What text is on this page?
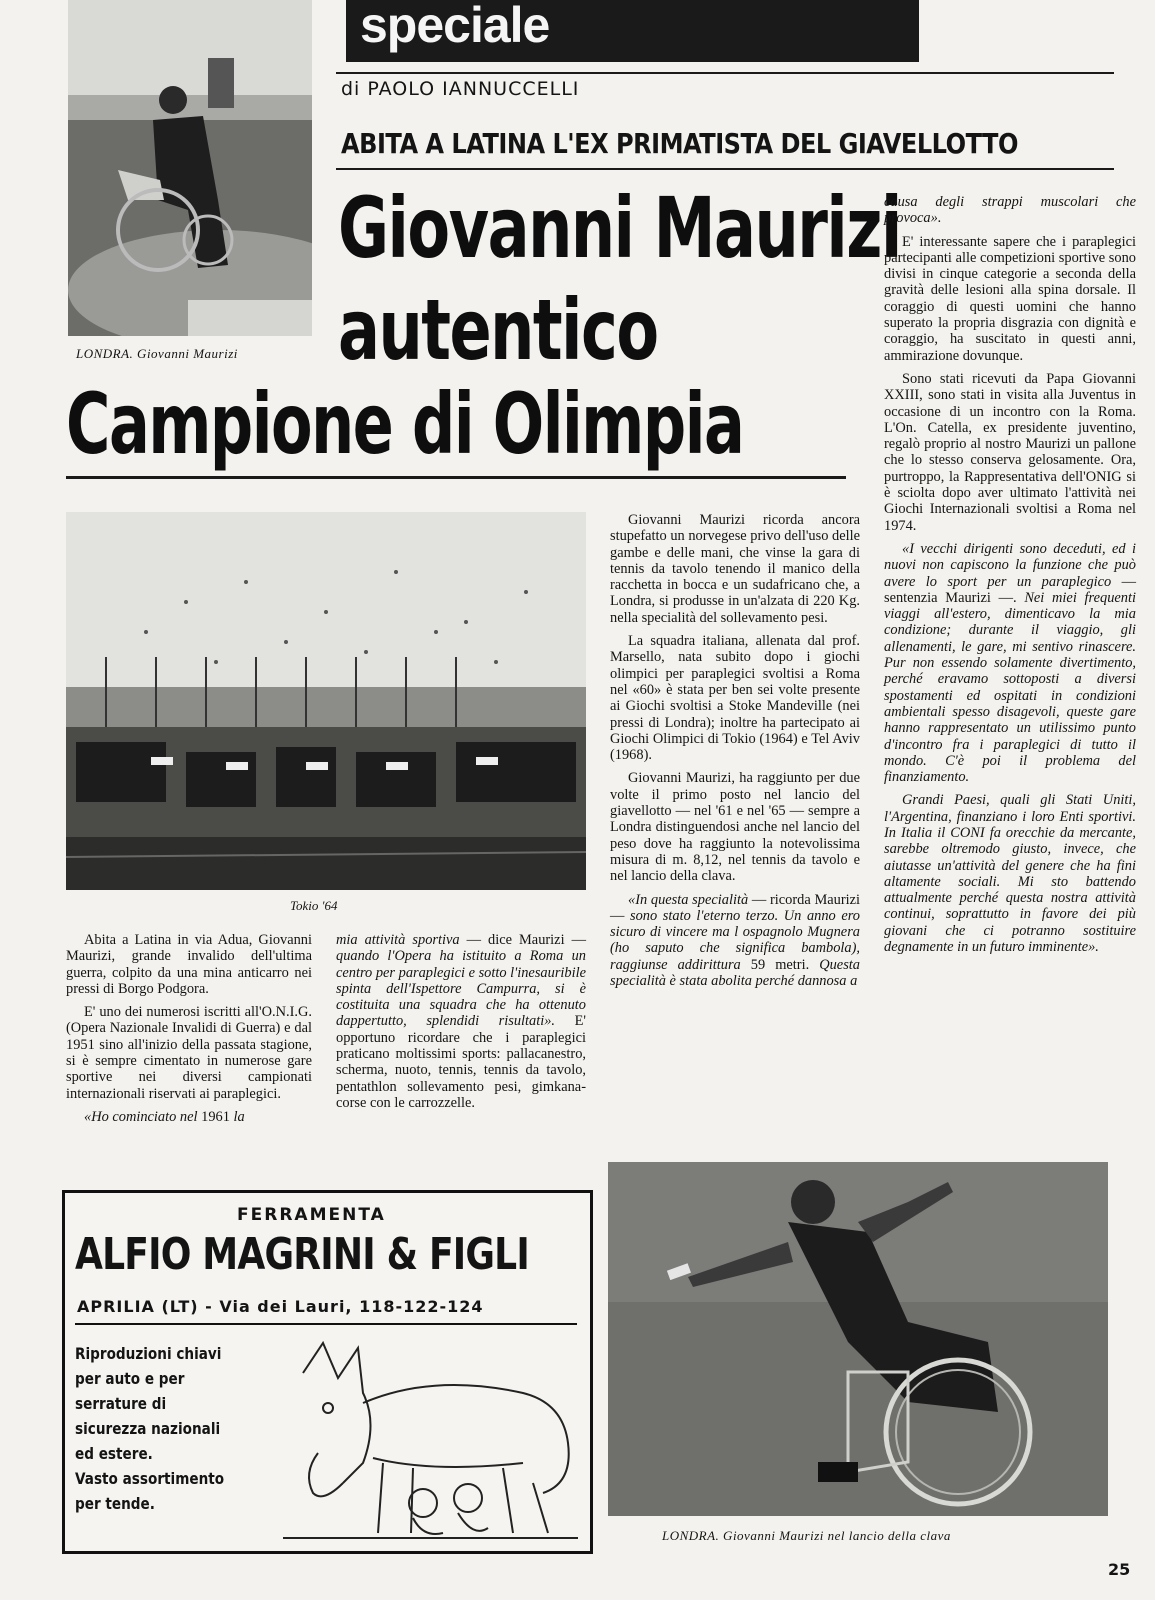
LONDRA. Giovanni Maurizi
speciale
di PAOLO IANNUCCELLI
ABITA A LATINA L'EX PRIMATISTA DEL GIAVELLOTTO
Giovanni Maurizi
autentico
Campione di Olimpia
Tokio '64

Abita a Latina in via Adua, Giovanni Maurizi, grande invalido dell'ultima guerra, colpito da una mina anticarro nei pressi di Borgo Podgora.

E' uno dei numerosi iscritti all'O.N.I.G. (Opera Nazionale Invalidi di Guerra) e dal 1951 sino all'inizio della passata stagione, si è sempre cimentato in numerose gare sportive nei diversi campionati internazionali riservati ai paraplegici.

«Ho cominciato nel 1961 la

mia attività sportiva — dice Maurizi — quando l'Opera ha istituito a Roma un centro per paraplegici e sotto l'inesauribile spinta dell'Ispettore Campurra, si è costituita una squadra che ha ottenuto dappertutto, splendidi risultati». E' opportuno ricordare che i paraplegici praticano moltissimi sports: pallacanestro, scherma, nuoto, tennis, tennis da tavolo, pentathlon sollevamento pesi, gimkana-corse con le carrozzelle.

Giovanni Maurizi ricorda ancora stupefatto un norvegese privo dell'uso delle gambe e delle mani, che vinse la gara di tennis da tavolo tenendo il manico della racchetta in bocca e un sudafricano che, a Londra, si produsse in un'alzata di 220 Kg. nella specialità del sollevamento pesi.

La squadra italiana, allenata dal prof. Marsello, nata subito dopo i giochi olimpici per paraplegici svoltisi a Roma nel «60» è stata per ben sei volte presente ai Giochi svoltisi a Stoke Mandeville (nei pressi di Londra); inoltre ha partecipato ai Giochi Olimpici di Tokio (1964) e Tel Aviv (1968).

Giovanni Maurizi, ha raggiunto per due volte il primo posto nel lancio del giavellotto — nel '61 e nel '65 — sempre a Londra distinguendosi anche nel lancio del peso dove ha raggiunto la notevolissima misura di m. 8,12, nel tennis da tavolo e nel lancio della clava.

«In questa specialità — ricorda Maurizi — sono stato l'eterno terzo. Un anno ero sicuro di vincere ma l ospagnolo Mugnera (ho saputo che significa bambola), raggiunse addirittura 59 metri. Questa specialità è stata abolita perché dannosa a

causa degli strappi muscolari che provoca».

E' interessante sapere che i paraplegici partecipanti alle competizioni sportive sono divisi in cinque categorie a seconda della gravità delle lesioni alla spina dorsale. Il coraggio di questi uomini che hanno superato la propria disgrazia con dignità e coraggio, ha suscitato in questi anni, ammirazione dovunque.

Sono stati ricevuti da Papa Giovanni XXIII, sono stati in visita alla Juventus in occasione di un incontro con la Roma. L'On. Catella, ex presidente juventino, regalò proprio al nostro Maurizi un pallone che lo stesso conserva gelosamente. Ora, purtroppo, la Rappresentativa dell'ONIG si è sciolta dopo aver ultimato l'attività nei Giochi Internazionali svoltisi a Roma nel 1974.

«I vecchi dirigenti sono deceduti, ed i nuovi non capiscono la funzione che può avere lo sport per un paraplegico — sentenzia Maurizi —. Nei miei frequenti viaggi all'estero, dimenticavo la mia condizione; durante il viaggio, gli allenamenti, le gare, mi sentivo rinascere. Pur non essendo solamente divertimento, perché eravamo sottoposti a diversi spostamenti ed ospitati in condizioni ambientali spesso disagevoli, queste gare hanno rappresentato un utilissimo punto d'incontro fra i paraplegici di tutto il mondo. C'è poi il problema del finanziamento.

Grandi Paesi, quali gli Stati Uniti, l'Argentina, finanziano i loro Enti sportivi. In Italia il CONI fa orecchie da mercante, sarebbe oltremodo giusto, invece, che aiutasse un'attività del genere che ha fini altamente sociali. Mi sto battendo attualmente perché questa nostra attività continui, soprattutto in favore dei più giovani che ci potranno sostituire degnamente in un futuro imminente».

FERRAMENTA
ALFIO MAGRINI & FIGLI
APRILIA (LT) - Via dei Lauri, 118-122-124
Riproduzioni chiavi per auto e per serrature di sicurezza nazionali ed estere.
Vasto assortimento per tende.
LONDRA. Giovanni Maurizi nel lancio della clava
25
